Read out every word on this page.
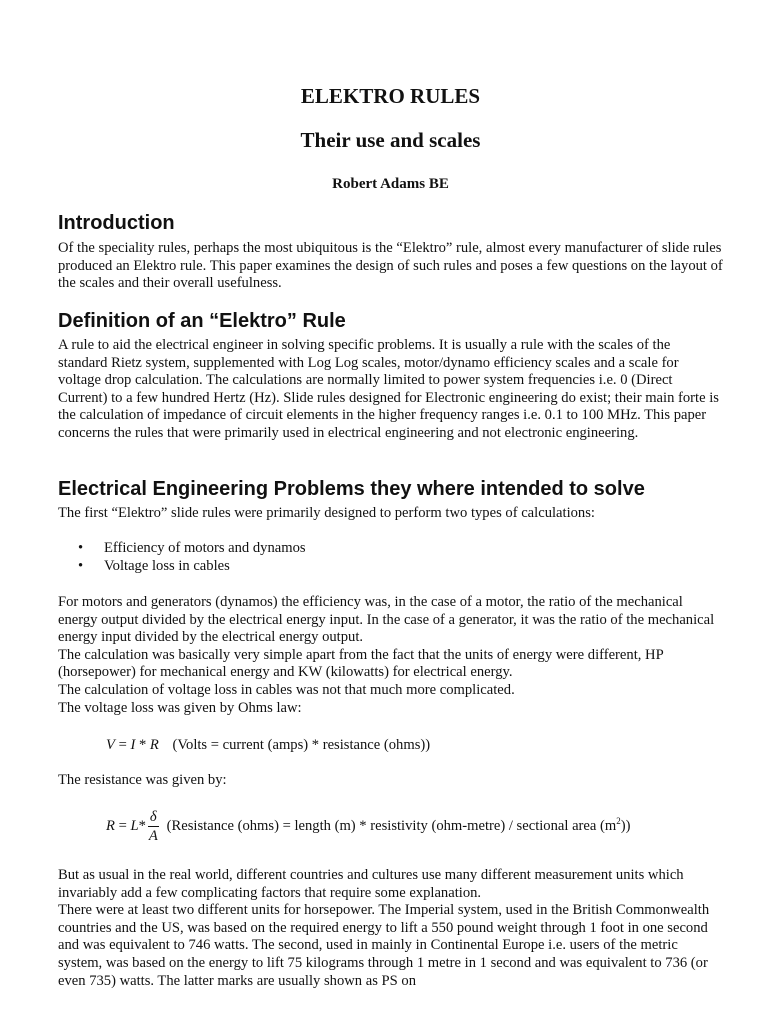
ELEKTRO RULES
Their use and scales
Robert Adams BE
Introduction

Of the speciality rules, perhaps the most ubiquitous is the “Elektro” rule, almost every manufacturer of slide rules produced an Elektro rule. This paper examines the design of such rules and poses a few questions on the layout of the scales and their overall usefulness.

Definition of an “Elektro” Rule

A rule to aid the electrical engineer in solving specific problems. It is usually a rule with the scales of the standard Rietz system, supplemented with Log Log scales, motor/dynamo efficiency scales and a scale for voltage drop calculation. The calculations are normally limited to power system frequencies i.e. 0 (Direct Current) to a few hundred Hertz (Hz). Slide rules designed for Electronic engineering do exist; their main forte is the calculation of impedance of circuit elements in the higher frequency ranges i.e. 0.1 to 100 MHz. This paper concerns the rules that were primarily used in electrical engineering and not electronic engineering.

Electrical Engineering Problems they where intended to solve

The first “Elektro” slide rules were primarily designed to perform two types of calculations:

• Efficiency of motors and dynamos
• Voltage loss in cables

For motors and generators (dynamos) the efficiency was, in the case of a motor, the ratio of the mechanical energy output divided by the electrical energy input. In the case of a generator, it was the ratio of the mechanical energy input divided by the electrical energy output.

The calculation was basically very simple apart from the fact that the units of energy were different, HP (horsepower) for mechanical energy and KW (kilowatts) for electrical energy.

The calculation of voltage loss in cables was not that much more complicated.

The voltage loss was given by Ohms law:

V = I * R (Volts = current (amps) * resistance (ohms))

The resistance was given by:

$R = L* \frac{\delta}{A}$ (Resistance (ohms) = length (m) * resistivity (ohm-metre) / sectional area $(m^2)$)

But as usual in the real world, different countries and cultures use many different measurement units which invariably add a few complicating factors that require some explanation.

There were at least two different units for horsepower. The Imperial system, used in the British Commonwealth countries and the US, was based on the required energy to lift a 550 pound weight through 1 foot in one second and was equivalent to 746 watts. The second, used in mainly in Continental Europe i.e. users of the metric system, was based on the energy to lift 75 kilograms through 1 metre in 1 second and was equivalent to 736 (or even 735) watts. The latter marks are usually shown as PS on
